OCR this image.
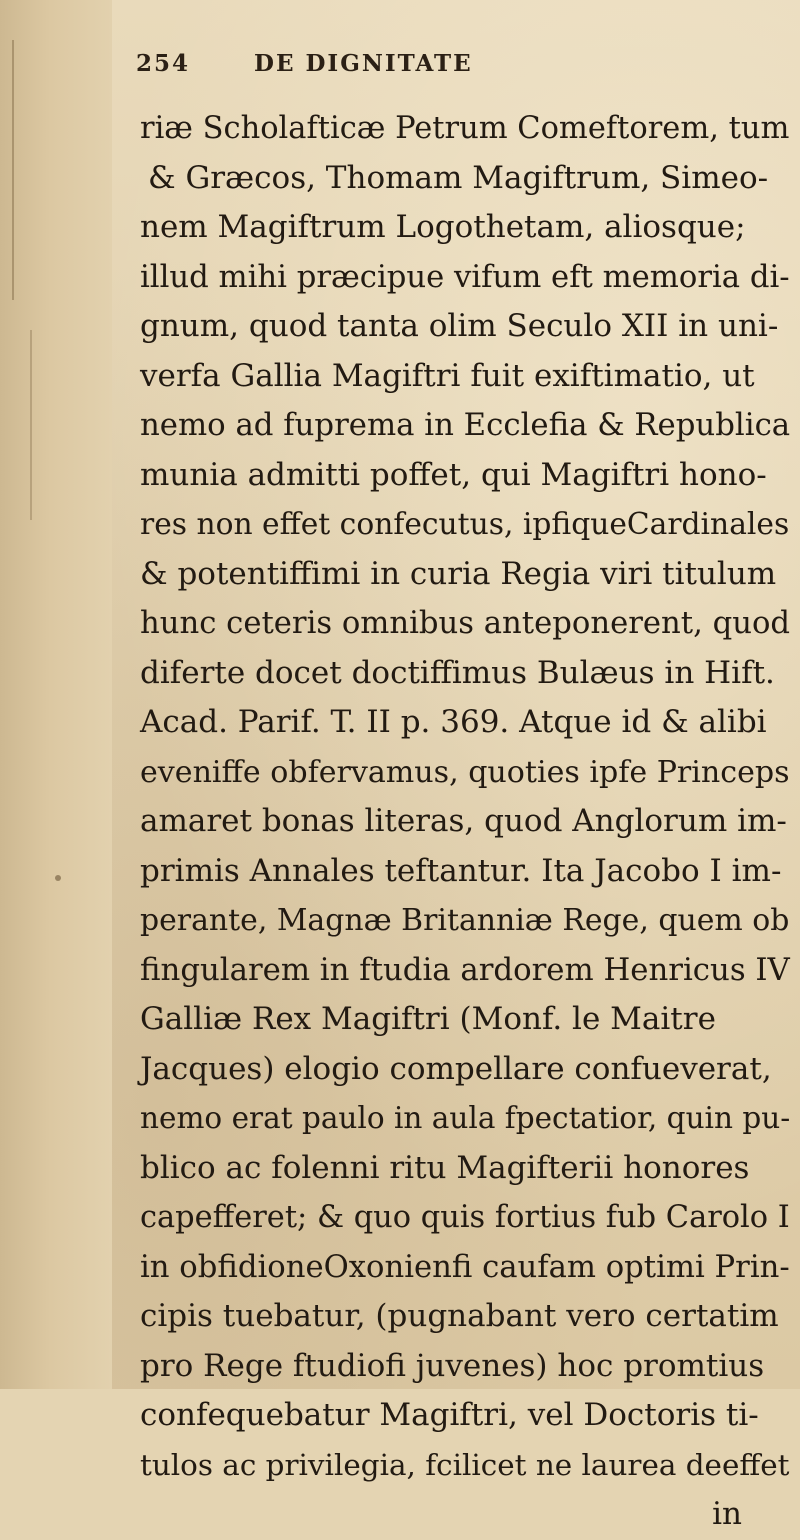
254	DE DIGNITATE
riæ Scholafticæ Petrum Comeftorem, tum
& Græcos, Thomam Magiftrum, Simeo-
nem Magiftrum Logothetam, aliosque;
illud mihi præcipue vifum eft memoria di-
gnum, quod tanta olim Seculo XII in uni-
verfa Gallia Magiftri fuit exiftimatio, ut
nemo ad fuprema in Ecclefia & Republica
munia admitti poffet, qui Magiftri hono-
res non effet confecutus, ipfiqueCardinales
& potentiffimi in curia Regia viri titulum
hunc ceteris omnibus anteponerent, quod
diferte docet doctiffimus Bulæus in Hift.
Acad. Parif. T. II p. 369. Atque id & alibi
eveniffe obfervamus, quoties ipfe Princeps
amaret bonas literas, quod Anglorum im-
primis Annales teftantur. Ita Jacobo I im-
perante, Magnæ Britanniæ Rege, quem ob
fingularem in ftudia ardorem Henricus IV
Galliæ Rex Magiftri (Monf. le Maitre
Jacques) elogio compellare confueverat,
nemo erat paulo in aula fpectatior, quin pu-
blico ac folenni ritu Magifterii honores
capefferet; & quo quis fortius fub Carolo I
in obfidioneOxonienfi caufam optimi Prin-
cipis tuebatur, (pugnabant vero certatim
pro Rege ftudiofi juvenes) hoc promtius
confequebatur Magiftri, vel Doctoris ti-
tulos ac privilegia, fcilicet ne laurea deeffet
in
